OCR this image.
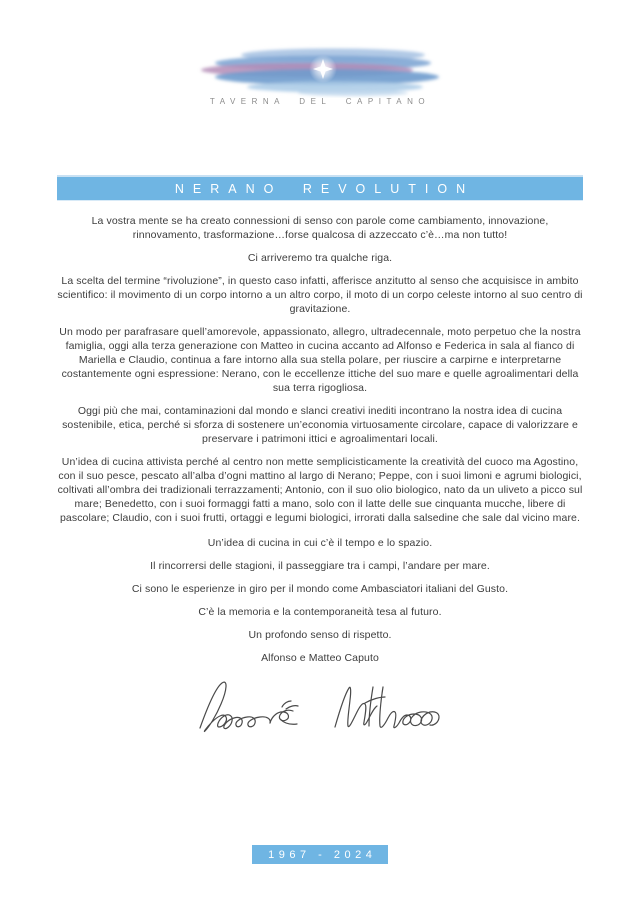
TAVERNA DEL CAPITANO
NERANO REVOLUTION

La vostra mente se ha creato connessioni di senso con parole come cambiamento, innovazione, rinnovamento, trasformazione…forse qualcosa di azzeccato c’è…ma non tutto!

Ci arriveremo tra qualche riga.

La scelta del termine “rivoluzione”, in questo caso infatti, afferisce anzitutto al senso che acquisisce in ambito scientifico: il movimento di un corpo intorno a un altro corpo, il moto di un corpo celeste intorno al suo centro di gravitazione.

Un modo per parafrasare quell’amorevole, appassionato, allegro, ultradecennale, moto perpetuo che la nostra famiglia, oggi alla terza generazione con Matteo in cucina accanto ad Alfonso e Federica in sala al fianco di Mariella e Claudio, continua a fare intorno alla sua stella polare, per riuscire a carpirne e interpretarne costantemente ogni espressione: Nerano, con le eccellenze ittiche del suo mare e quelle agroalimentari della sua terra rigogliosa.

Oggi più che mai, contaminazioni dal mondo e slanci creativi inediti incontrano la nostra idea di cucina sostenibile, etica, perché si sforza di sostenere un’economia virtuosamente circolare, capace di valorizzare e preservare i patrimoni ittici e agroalimentari locali.

Un’idea di cucina attivista perché al centro non mette semplicisticamente la creatività del cuoco ma Agostino, con il suo pesce, pescato all’alba d’ogni mattino al largo di Nerano; Peppe, con i suoi limoni e agrumi biologici, coltivati all’ombra dei tradizionali terrazzamenti; Antonio, con il suo olio biologico, nato da un uliveto a picco sul mare; Benedetto, con i suoi formaggi fatti a mano, solo con il latte delle sue cinquanta mucche, libere di pascolare; Claudio, con i suoi frutti, ortaggi e legumi biologici, irrorati dalla salsedine che sale dal vicino mare.

Un’idea di cucina in cui c’è il tempo e lo spazio.

Il rincorrersi delle stagioni, il passeggiare tra i campi, l’andare per mare.

Ci sono le esperienze in giro per il mondo come Ambasciatori italiani del Gusto.

C’è la memoria e la contemporaneità tesa al futuro.

Un profondo senso di rispetto.

Alfonso e Matteo Caputo

1967 - 2024
